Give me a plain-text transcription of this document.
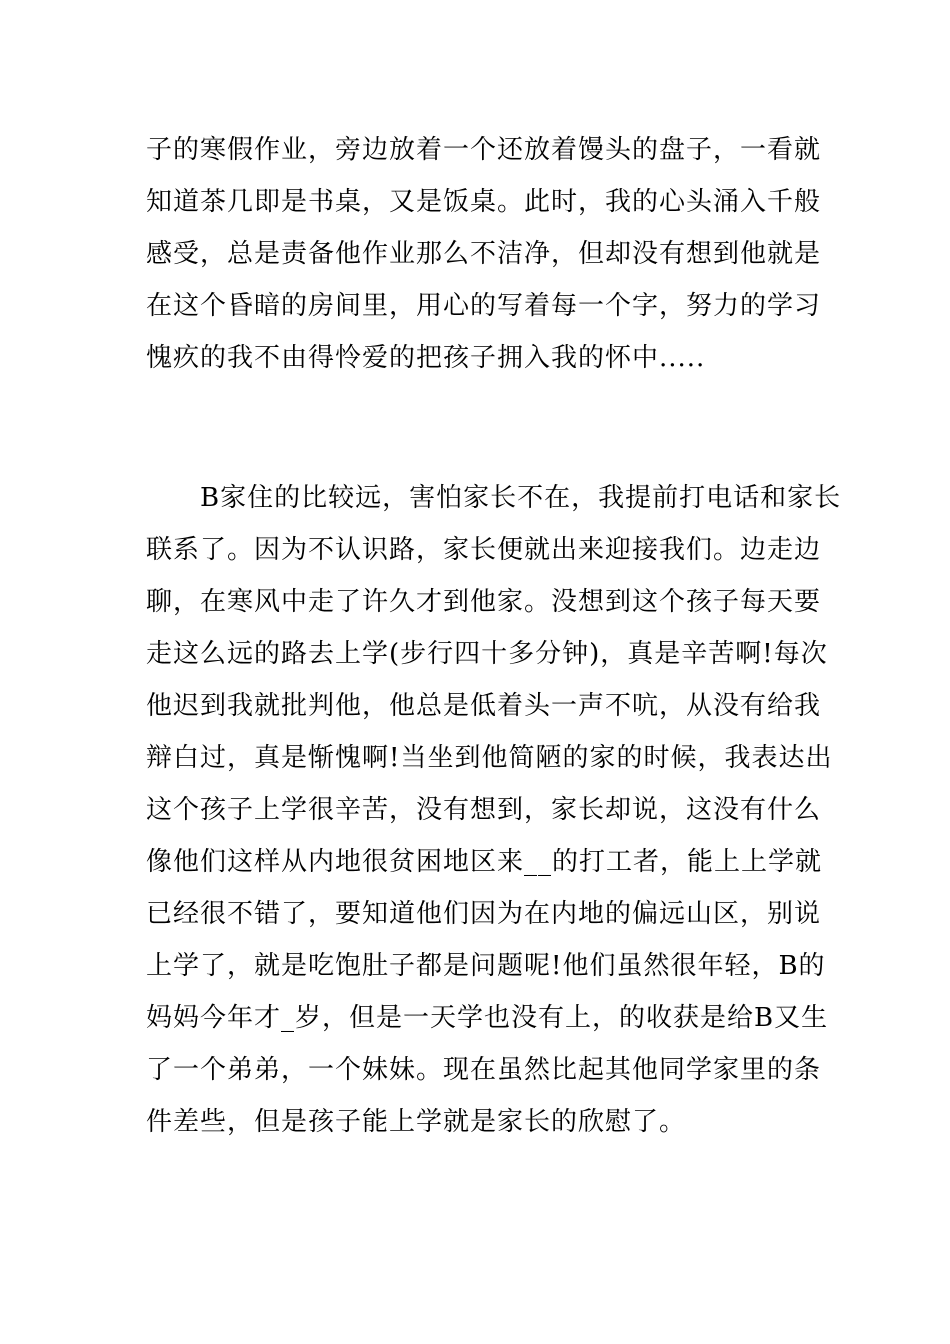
子的寒假作业，旁边放着一个还放着馒头的盘子，一看就
知道茶几即是书桌，又是饭桌。此时，我的心头涌入千般
感受，总是责备他作业那么不洁净，但却没有想到他就是
在这个昏暗的房间里，用心的写着每一个字，努力的学习
愧疚的我不由得怜爱的把孩子拥入我的怀中.....
　　B家住的比较远，害怕家长不在，我提前打电话和家长
联系了。因为不认识路，家长便就出来迎接我们。边走边
聊，在寒风中走了许久才到他家。没想到这个孩子每天要
走这么远的路去上学(步行四十多分钟)，真是辛苦啊!每次
他迟到我就批判他，他总是低着头一声不吭，从没有给我
辩白过，真是惭愧啊!当坐到他简陋的家的时候，我表达出
这个孩子上学很辛苦，没有想到，家长却说，这没有什么
像他们这样从内地很贫困地区来__的打工者，能上上学就
已经很不错了，要知道他们因为在内地的偏远山区，别说
上学了，就是吃饱肚子都是问题呢!他们虽然很年轻，B的
妈妈今年才_岁，但是一天学也没有上，的收获是给B又生
了一个弟弟，一个妹妹。现在虽然比起其他同学家里的条
件差些，但是孩子能上学就是家长的欣慰了。
